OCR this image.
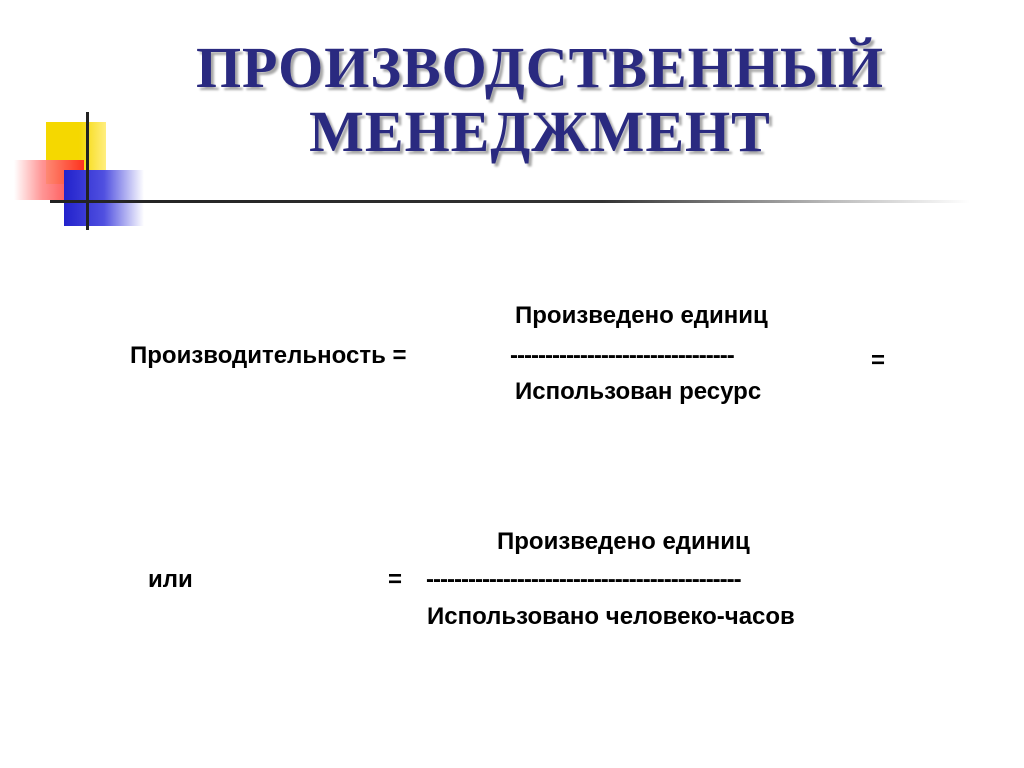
ПРОИЗВОДСТВЕННЫЙ
МЕНЕДЖМЕНТ
Произведено единиц
Производительность =	--------------------------------	=
Использован ресурс
Произведено единиц
или	= ---------------------------------------------
Использовано человеко-часов
